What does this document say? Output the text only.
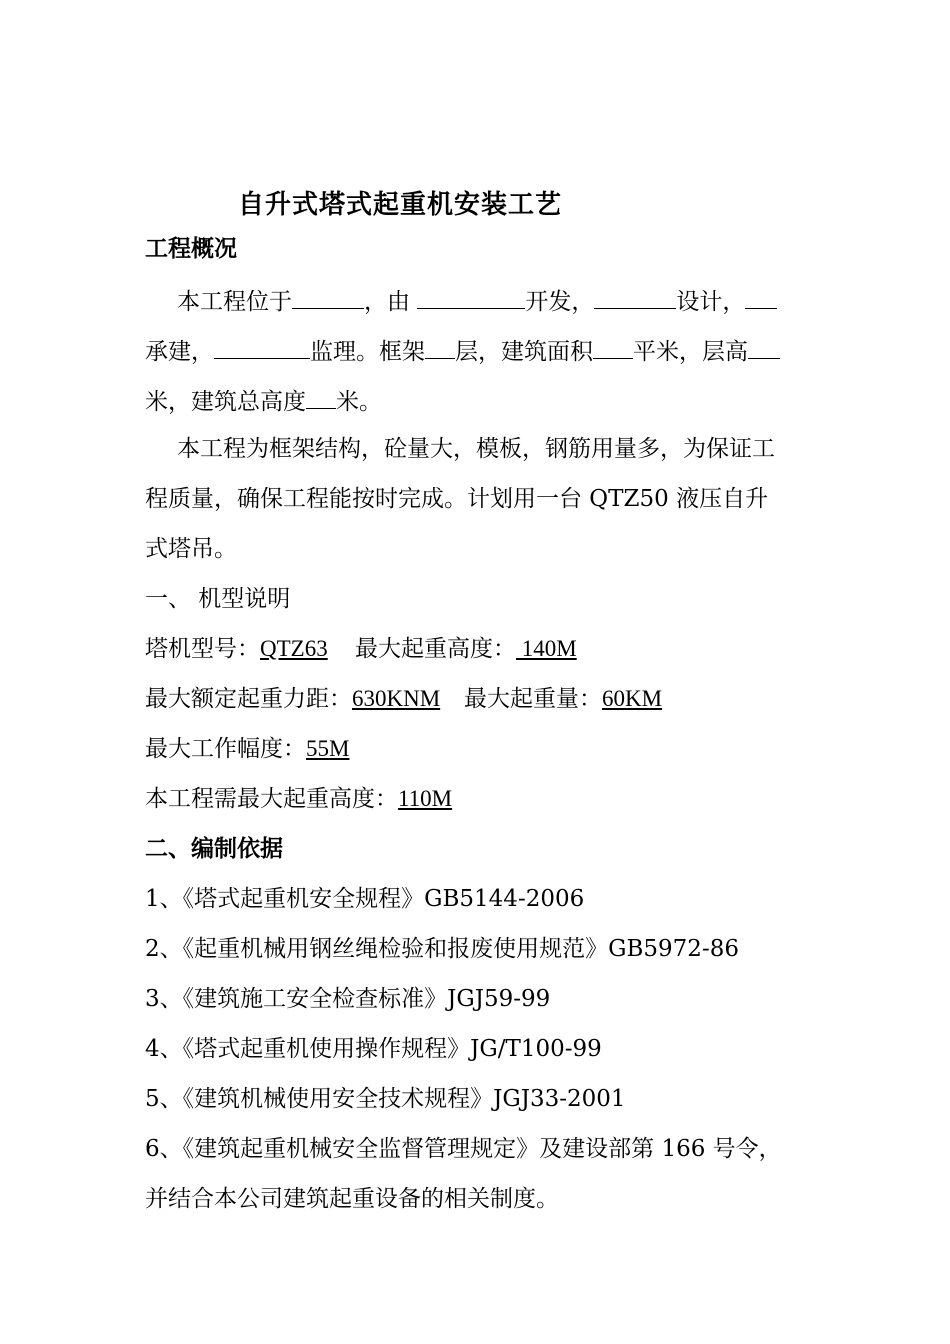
自升式塔式起重机安装工艺
工程概况
本工程位于	，由	开发，	设计，
承建，	监理。框架 层，建筑面积 平米，层高
米，建筑总高度 米。
本工程为框架结构，砼量大，模板，钢筋用量多，为保证工
程质量，确保工程能按时完成。计划用一台 QTZ50 液压自升
式塔吊。
一、 机型说明
塔机型号：QTZ63 最大起重高度： 140M
最大额定起重力距：630KNM 最大起重量：60KM
最大工作幅度：55M
本工程需最大起重高度：110M
二、编制依据
1、《塔式起重机安全规程》GB5144-2006
2、《起重机械用钢丝绳检验和报废使用规范》GB5972-86
3、《建筑施工安全检查标准》JGJ59-99
4、《塔式起重机使用操作规程》JG/T100-99
5、《建筑机械使用安全技术规程》JGJ33-2001
6、《建筑起重机械安全监督管理规定》及建设部第 166 号令，
并结合本公司建筑起重设备的相关制度。
